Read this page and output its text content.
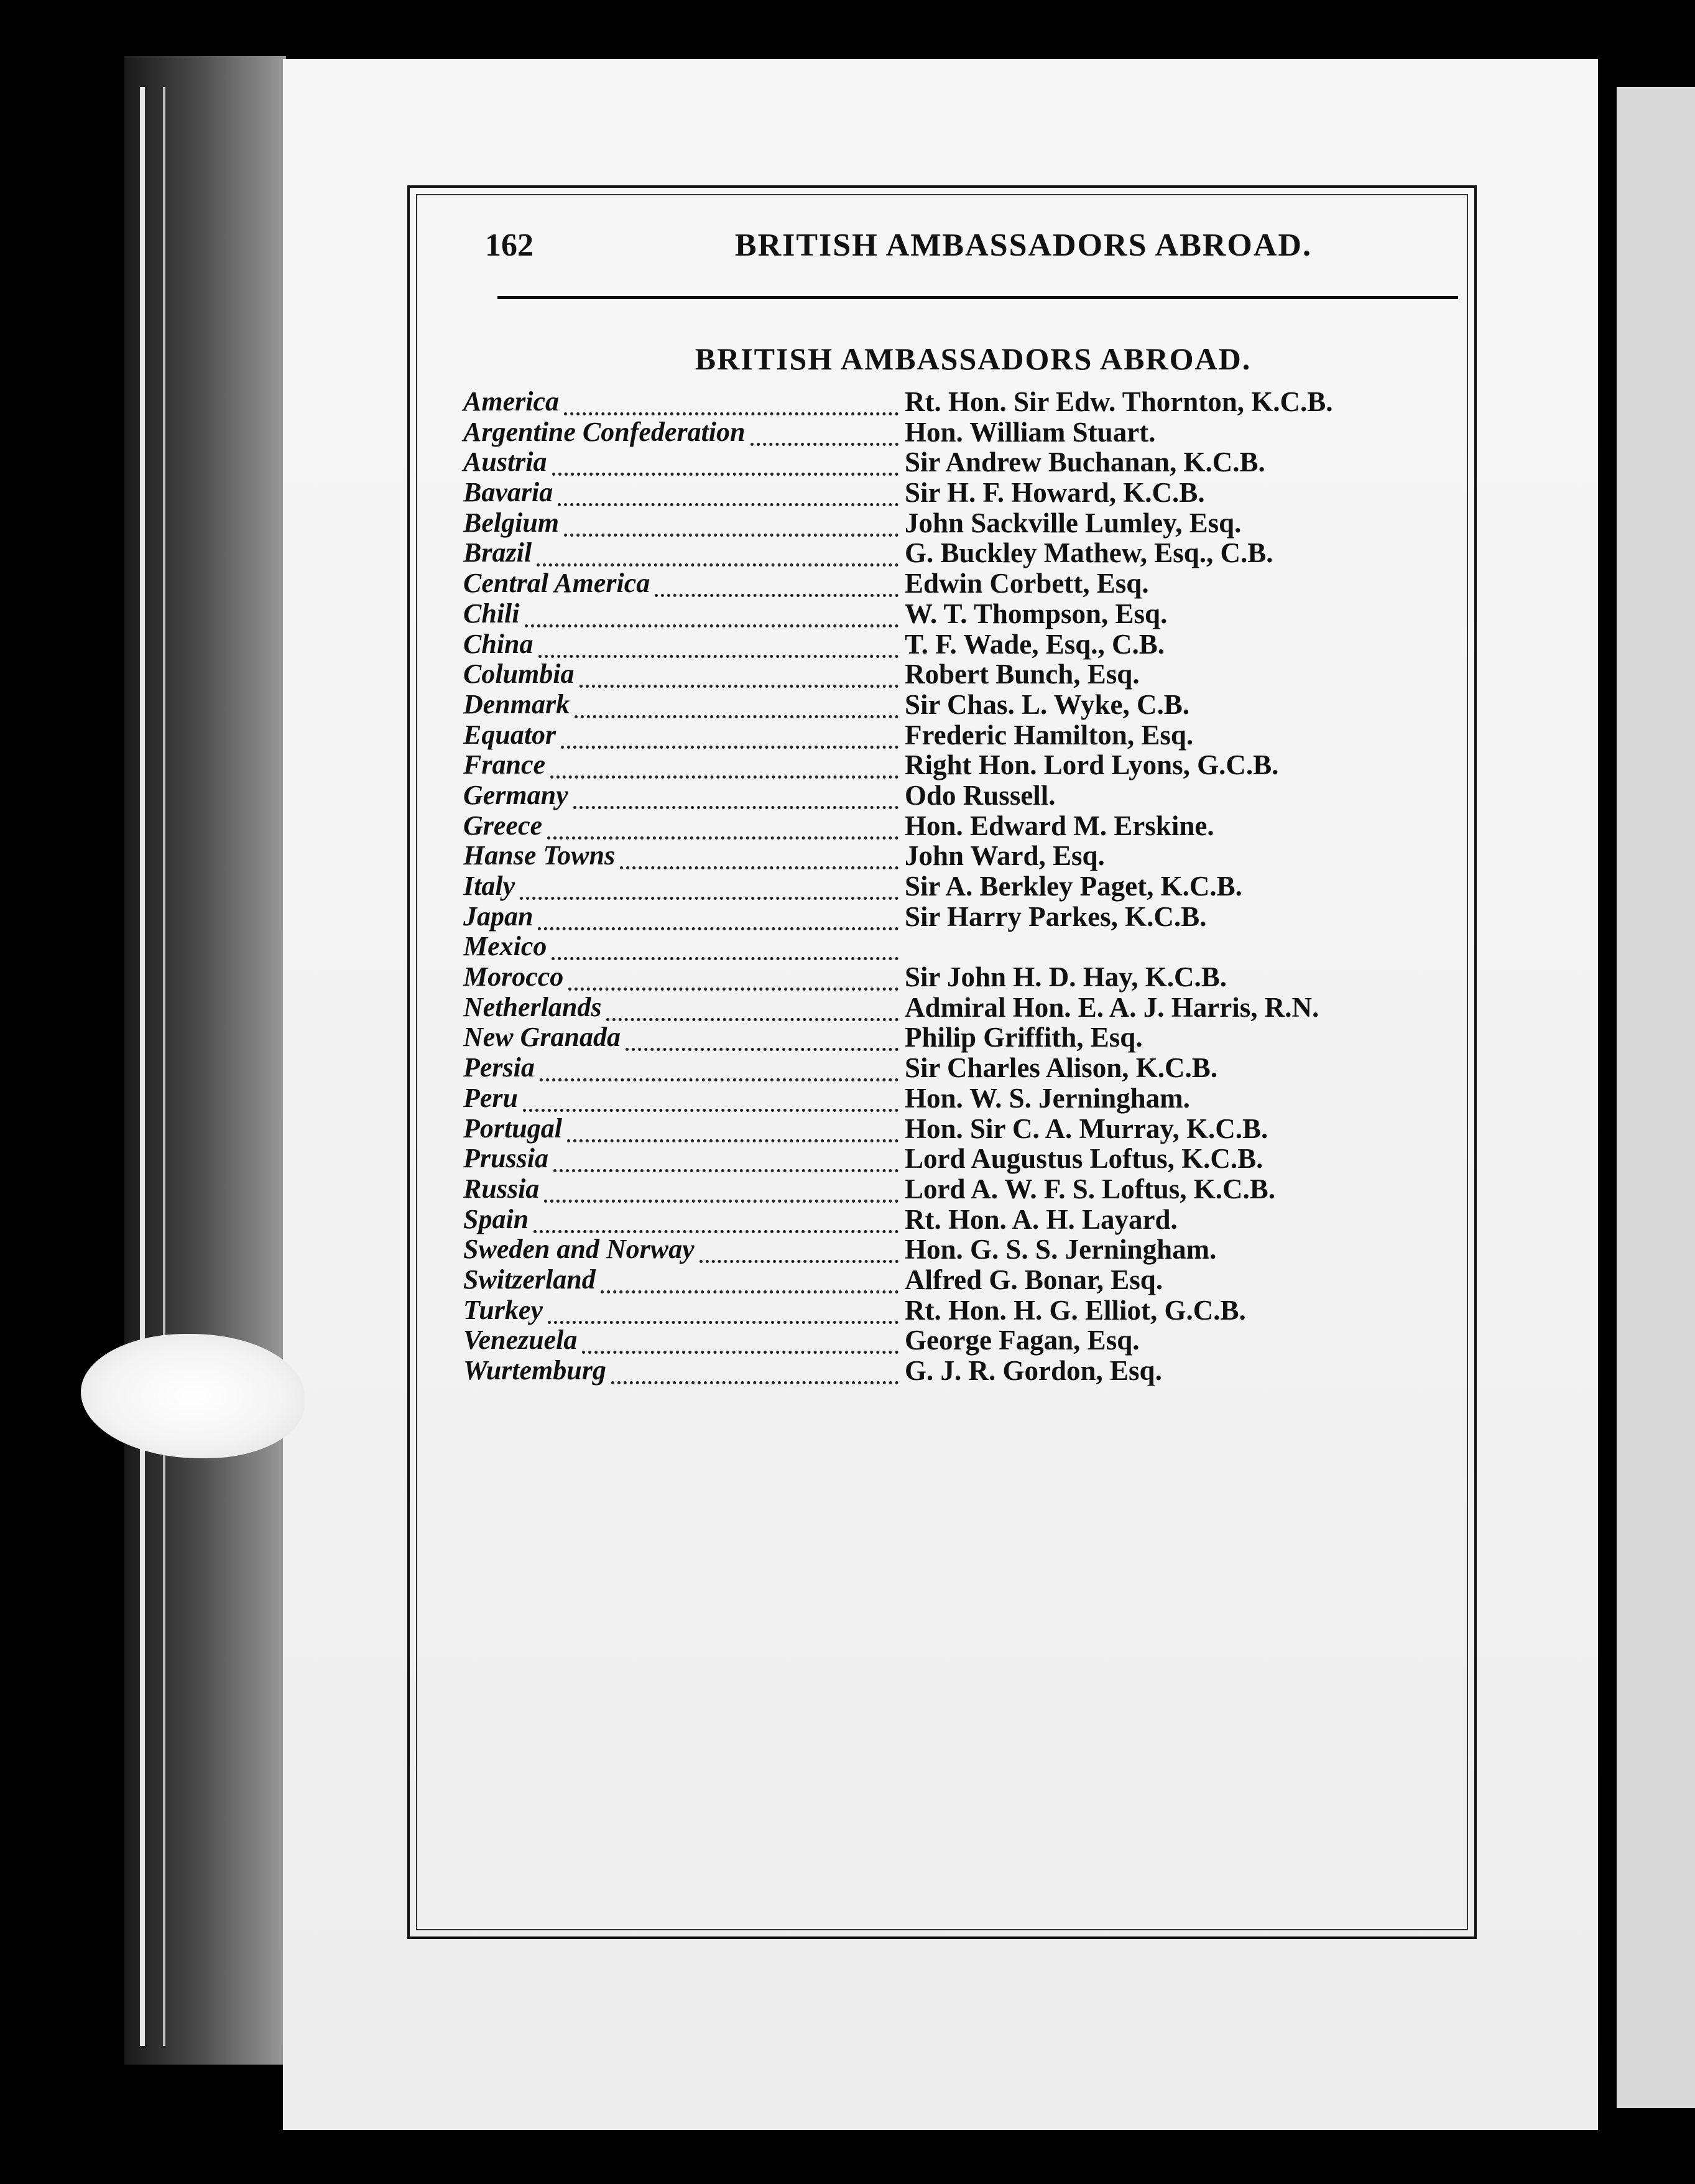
162	BRITISH AMBASSADORS ABROAD.
BRITISH AMBASSADORS ABROAD.
America	Rt. Hon. Sir Edw. Thornton, K.C.B.
Argentine Confederation	Hon. William Stuart.
Austria	Sir Andrew Buchanan, K.C.B.
Bavaria	Sir H. F. Howard, K.C.B.
Belgium	John Sackville Lumley, Esq.
Brazil	G. Buckley Mathew, Esq., C.B.
Central America	Edwin Corbett, Esq.
Chili	W. T. Thompson, Esq.
China	T. F. Wade, Esq., C.B.
Columbia	Robert Bunch, Esq.
Denmark	Sir Chas. L. Wyke, C.B.
Equator	Frederic Hamilton, Esq.
France	Right Hon. Lord Lyons, G.C.B.
Germany	Odo Russell.
Greece	Hon. Edward M. Erskine.
Hanse Towns	John Ward, Esq.
Italy	Sir A. Berkley Paget, K.C.B.
Japan	Sir Harry Parkes, K.C.B.
Mexico
Morocco	Sir John H. D. Hay, K.C.B.
Netherlands	Admiral Hon. E. A. J. Harris, R.N.
New Granada	Philip Griffith, Esq.
Persia	Sir Charles Alison, K.C.B.
Peru	Hon. W. S. Jerningham.
Portugal	Hon. Sir C. A. Murray, K.C.B.
Prussia	Lord Augustus Loftus, K.C.B.
Russia	Lord A. W. F. S. Loftus, K.C.B.
Spain	Rt. Hon. A. H. Layard.
Sweden and Norway	Hon. G. S. S. Jerningham.
Switzerland	Alfred G. Bonar, Esq.
Turkey	Rt. Hon. H. G. Elliot, G.C.B.
Venezuela	George Fagan, Esq.
Wurtemburg	G. J. R. Gordon, Esq.
